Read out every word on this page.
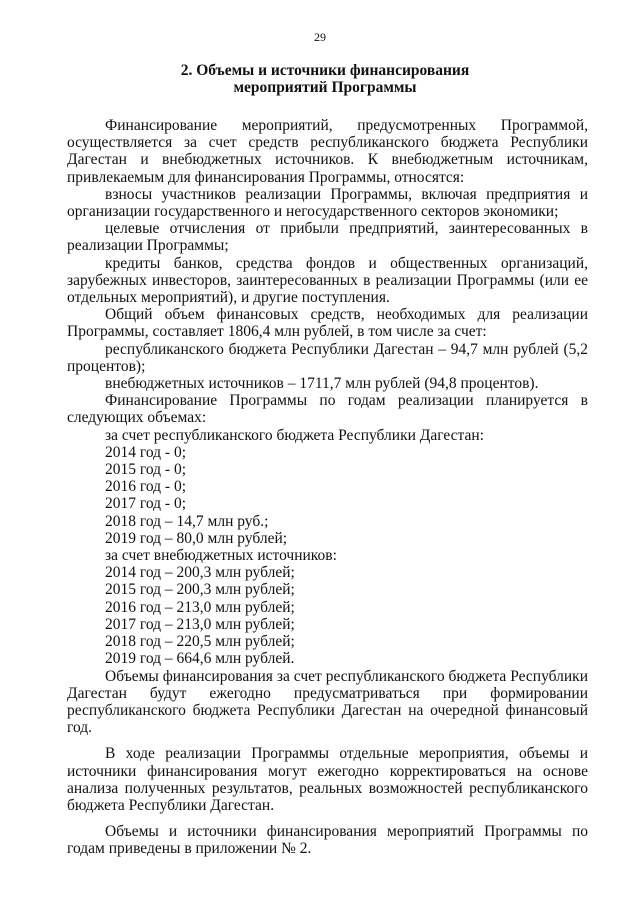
29
2. Объемы и источники финансирования
мероприятий Программы

Финансирование мероприятий, предусмотренных Программой, осуществляется за счет средств республиканского бюджета Республики Дагестан и внебюджетных источников. К внебюджетным источникам, привлекаемым для финансирования Программы, относятся:

взносы участников реализации Программы, включая предприятия и организации государственного и негосударственного секторов экономики;

целевые отчисления от прибыли предприятий, заинтересованных в реализации Программы;

кредиты банков, средства фондов и общественных организаций, зарубежных инвесторов, заинтересованных в реализации Программы (или ее отдельных мероприятий), и другие поступления.

Общий объем финансовых средств, необходимых для реализации Программы, составляет 1806,4 млн рублей, в том числе за счет:

республиканского бюджета Республики Дагестан – 94,7 млн рублей (5,2 процентов);

внебюджетных источников – 1711,7 млн рублей (94,8 процентов).

Финансирование Программы по годам реализации планируется в следующих объемах:

за счет республиканского бюджета Республики Дагестан:

2014 год - 0;

2015 год - 0;

2016 год - 0;

2017 год - 0;

2018 год – 14,7 млн руб.;

2019 год – 80,0 млн рублей;

за счет внебюджетных источников:

2014 год – 200,3 млн рублей;

2015 год – 200,3 млн рублей;

2016 год – 213,0 млн рублей;

2017 год – 213,0 млн рублей;

2018 год – 220,5 млн рублей;

2019 год – 664,6 млн рублей.

Объемы финансирования за счет республиканского бюджета Республики Дагестан будут ежегодно предусматриваться при формировании республиканского бюджета Республики Дагестан на очередной финансовый год.

В ходе реализации Программы отдельные мероприятия, объемы и источники финансирования могут ежегодно корректироваться на основе анализа полученных результатов, реальных возможностей республиканского бюджета Республики Дагестан.

Объемы и источники финансирования мероприятий Программы по годам приведены в приложении № 2.
